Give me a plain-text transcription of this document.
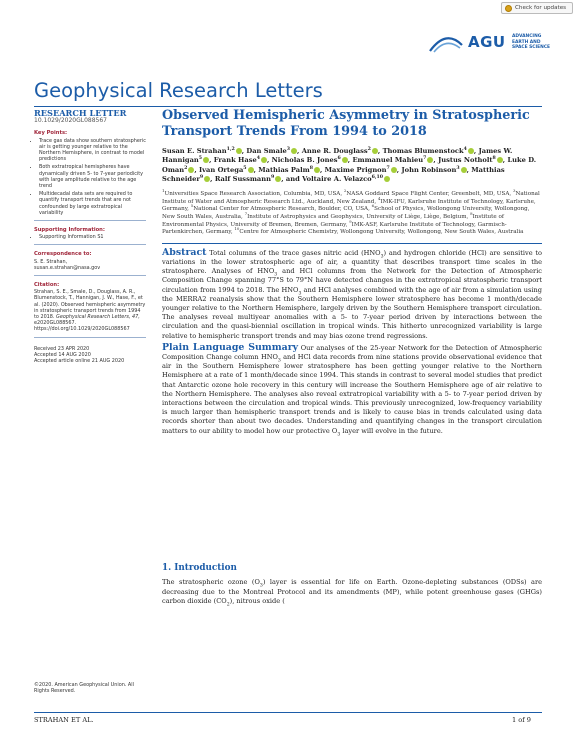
Check for updates
AGU ADVANCING EARTH AND SPACE SCIENCE
Geophysical Research Letters
RESEARCH LETTER
10.1029/2020GL088567
Key Points:
• Trace gas data show southern stratospheric air is getting younger relative to the Northern Hemisphere, in contrast to model predictions
• Both extratropical hemispheres have dynamically driven 5- to 7-year periodicity with large amplitude relative to the age trend
• Multidecadal data sets are required to quantify transport trends that are not confounded by large extratropical variability
Supporting Information:
• Supporting Information S1
Correspondence to:
S. E. Strahan,
susan.e.strahan@nasa.gov
Citation:
Strahan, S. E., Smale, D., Douglass, A. R., Blumenstock, T., Hannigan, J. W., Hase, F., et al. (2020). Observed hemispheric asymmetry in stratospheric transport trends from 1994 to 2018. Geophysical Research Letters, 47, e2020GL088567. https://doi.org/10.1029/2020GL088567
Received 23 APR 2020
Accepted 14 AUG 2020
Accepted article online 21 AUG 2020
©2020. American Geophysical Union. All Rights Reserved.
Observed Hemispheric Asymmetry in Stratospheric Transport Trends From 1994 to 2018
Susan E. Strahan$^{1,2}$ , Dan Smale$^3$ , Anne R. Douglass$^2$ , Thomas Blumenstock$^4$ , James W. Hannigan$^5$ , Frank Hase$^4$ , Nicholas B. Jones$^6$ , Emmanuel Mahieu$^7$ , Justus Notholt$^8$ , Luke D. Oman$^2$ , Ivan Ortega$^5$ , Mathias Palm$^8$ , Maxime Prignon$^7$ , John Robinson$^3$ , Matthias Schneider$^9$ , Ralf Sussmann$^9$ , and Voltaire A. Velazco$^{6,10}$
$^1$Universities Space Research Association, Columbia, MD, USA, $^2$NASA Goddard Space Flight Center, Greenbelt, MD, USA, $^3$National Institute of Water and Atmospheric Research Ltd., Auckland, New Zealand, $^4$IMK-IFU, Karlsruhe Institute of Technology, Karlsruhe, Germany, $^5$National Center for Atmospheric Research, Boulder, CO, USA, $^6$School of Physics, Wollongong University, Wollongong, New South Wales, Australia, $^7$Institute of Astrophysics and Geophysics, University of Liège, Liège, Belgium, $^8$Institute of Environmental Physics, University of Bremen, Bremen, Germany, $^9$IMK-ASF, Karlsruhe Institute of Technology, Garmisch-Partenkirchen, Germany, $^{10}$Centre for Atmospheric Chemistry, Wollongong University, Wollongong, New South Wales, Australia
Abstract Total columns of the trace gases nitric acid $(HNO_3)$ and hydrogen chloride (HCl) are sensitive to variations in the lower stratospheric age of air, a quantity that describes transport time scales in the stratosphere. Analyses of $HNO_3$ and HCl columns from the Network for the Detection of Atmospheric Composition Change spanning 77°S to 79°N have detected changes in the extratropical stratospheric transport circulation from 1994 to 2018. The $HNO_3$ and HCl analyses combined with the age of air from a simulation using the MERRA2 reanalysis show that the Southern Hemisphere lower stratosphere has become 1 month/decade younger relative to the Northern Hemisphere, largely driven by the Southern Hemisphere transport circulation. The analyses reveal multiyear anomalies with a 5- to 7-year period driven by interactions between the circulation and the quasi-biennial oscillation in tropical winds. This hitherto unrecognized variability is large relative to hemispheric transport trends and may bias ozone trend regressions.
Plain Language Summary Our analyses of the 25-year Network for the Detection of Atmospheric Composition Change column $HNO_3$ and HCl data records from nine stations provide observational evidence that air in the Southern Hemisphere lower stratosphere has been getting younger relative to the Northern Hemisphere at a rate of 1 month/decade since 1994. This stands in contrast to several model studies that predict that Antarctic ozone hole recovery in this century will increase the Southern Hemisphere age of air relative to the Northern Hemisphere. The analyses also reveal extratropical variability with a 5- to 7-year period driven by interactions between the circulation and tropical winds. This previously unrecognized, low-frequency variability is much larger than hemispheric transport trends and is likely to cause bias in trends calculated using data records shorter than about two decades. Understanding and quantifying changes in the transport circulation matters to our ability to model how our protective $O_3$ layer will evolve in the future.
1. Introduction

The stratospheric ozone $(O_3)$ layer is essential for life on Earth. Ozone-depleting substances (ODSs) are decreasing due to the Montreal Protocol and its amendments (MP), while potent greenhouse gases (GHGs) carbon dioxide $(CO_2)$, nitrous oxide (

STRAHAN ET AL.	1 of 9
